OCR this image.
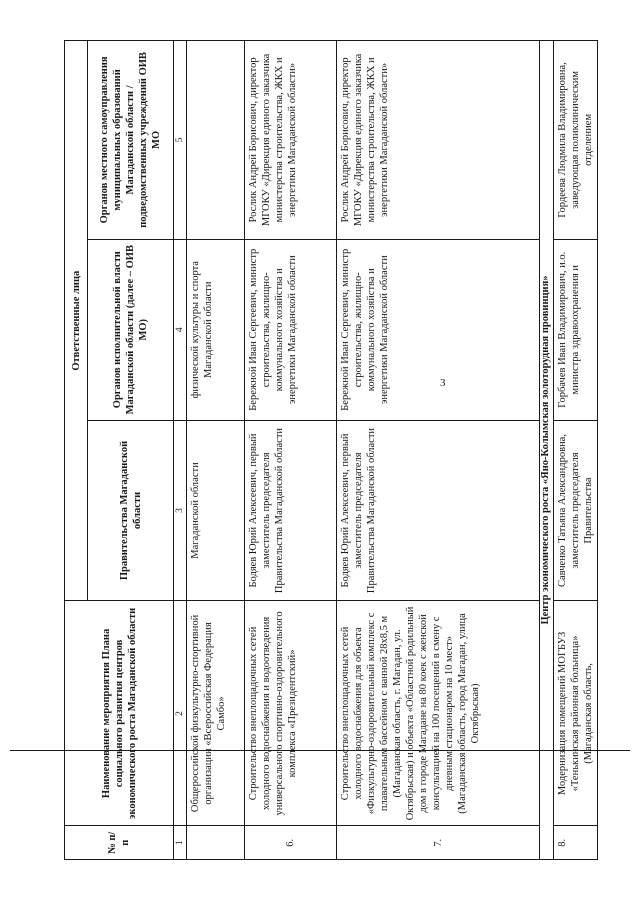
3
№ п/п	Наименование мероприятия Плана социального развития центров экономического роста Магаданской области	Ответственные лица		
		Правительства Магаданской области	Органов исполнительной власти Магаданской области (далее – ОИВ МО)	Органов местного самоуправления муниципальных образований Магаданской области / подведомственных учреждений ОИВ МО
1	2	3	4	5
	Общероссийской физкультурно-спортивной организации «Всероссийская Федерация Самбо»	Магаданской области	физической культуры и спорта Магаданской области	
6.	Строительство внеплощадочных сетей холодного водоснабжения и водоотведения универсального спортивно-оздоровительного комплекса «Президентский»	Бодяев Юрий Алексеевич, первый заместитель председателя Правительства Магаданской области	Бережной Иван Сергеевич, министр строительства, жилищно-коммунального хозяйства и энергетики Магаданской области	Рослик Андрей Борисович, директор МГОКУ «Дирекция единого заказчика министерства строительства, ЖКХ и энергетики Магаданской области»
7.	Строительство внеплощадочных сетей холодного водоснабжения для объекта «Физкультурно-оздоровительный комплекс с плавательным бассейном с ванной 28х8,5 м (Магаданская область, г. Магадан, ул. Октябрьская) и объекта «Областной родильный дом в городе Магадане на 80 коек с женской консультацией на 100 посещений в смену с дневным стационаром на 10 мест» (Магаданская область, город Магадан, улица Октябрьская)	Бодяев Юрий Алексеевич, первый заместитель председателя Правительства Магаданской области	Бережной Иван Сергеевич, министр строительства, жилищно-коммунального хозяйства и энергетики Магаданской области	Рослик Андрей Борисович, директор МГОКУ «Дирекция единого заказчика министерства строительства, ЖКХ и энергетики Магаданской области»
Центр экономического роста «Яно-Колымская золоторудная провинция»				
8.	Модернизация помещений МОГБУЗ «Тенькинская районная больница» (Магаданская область,	Савченко Татьяна Александровна, заместитель председателя Правительства	Горбачев Иван Владимирович, и.о. министра здравоохранения и	Гордеева Людмила Владимировна, заведующая поликлиническим отделением
